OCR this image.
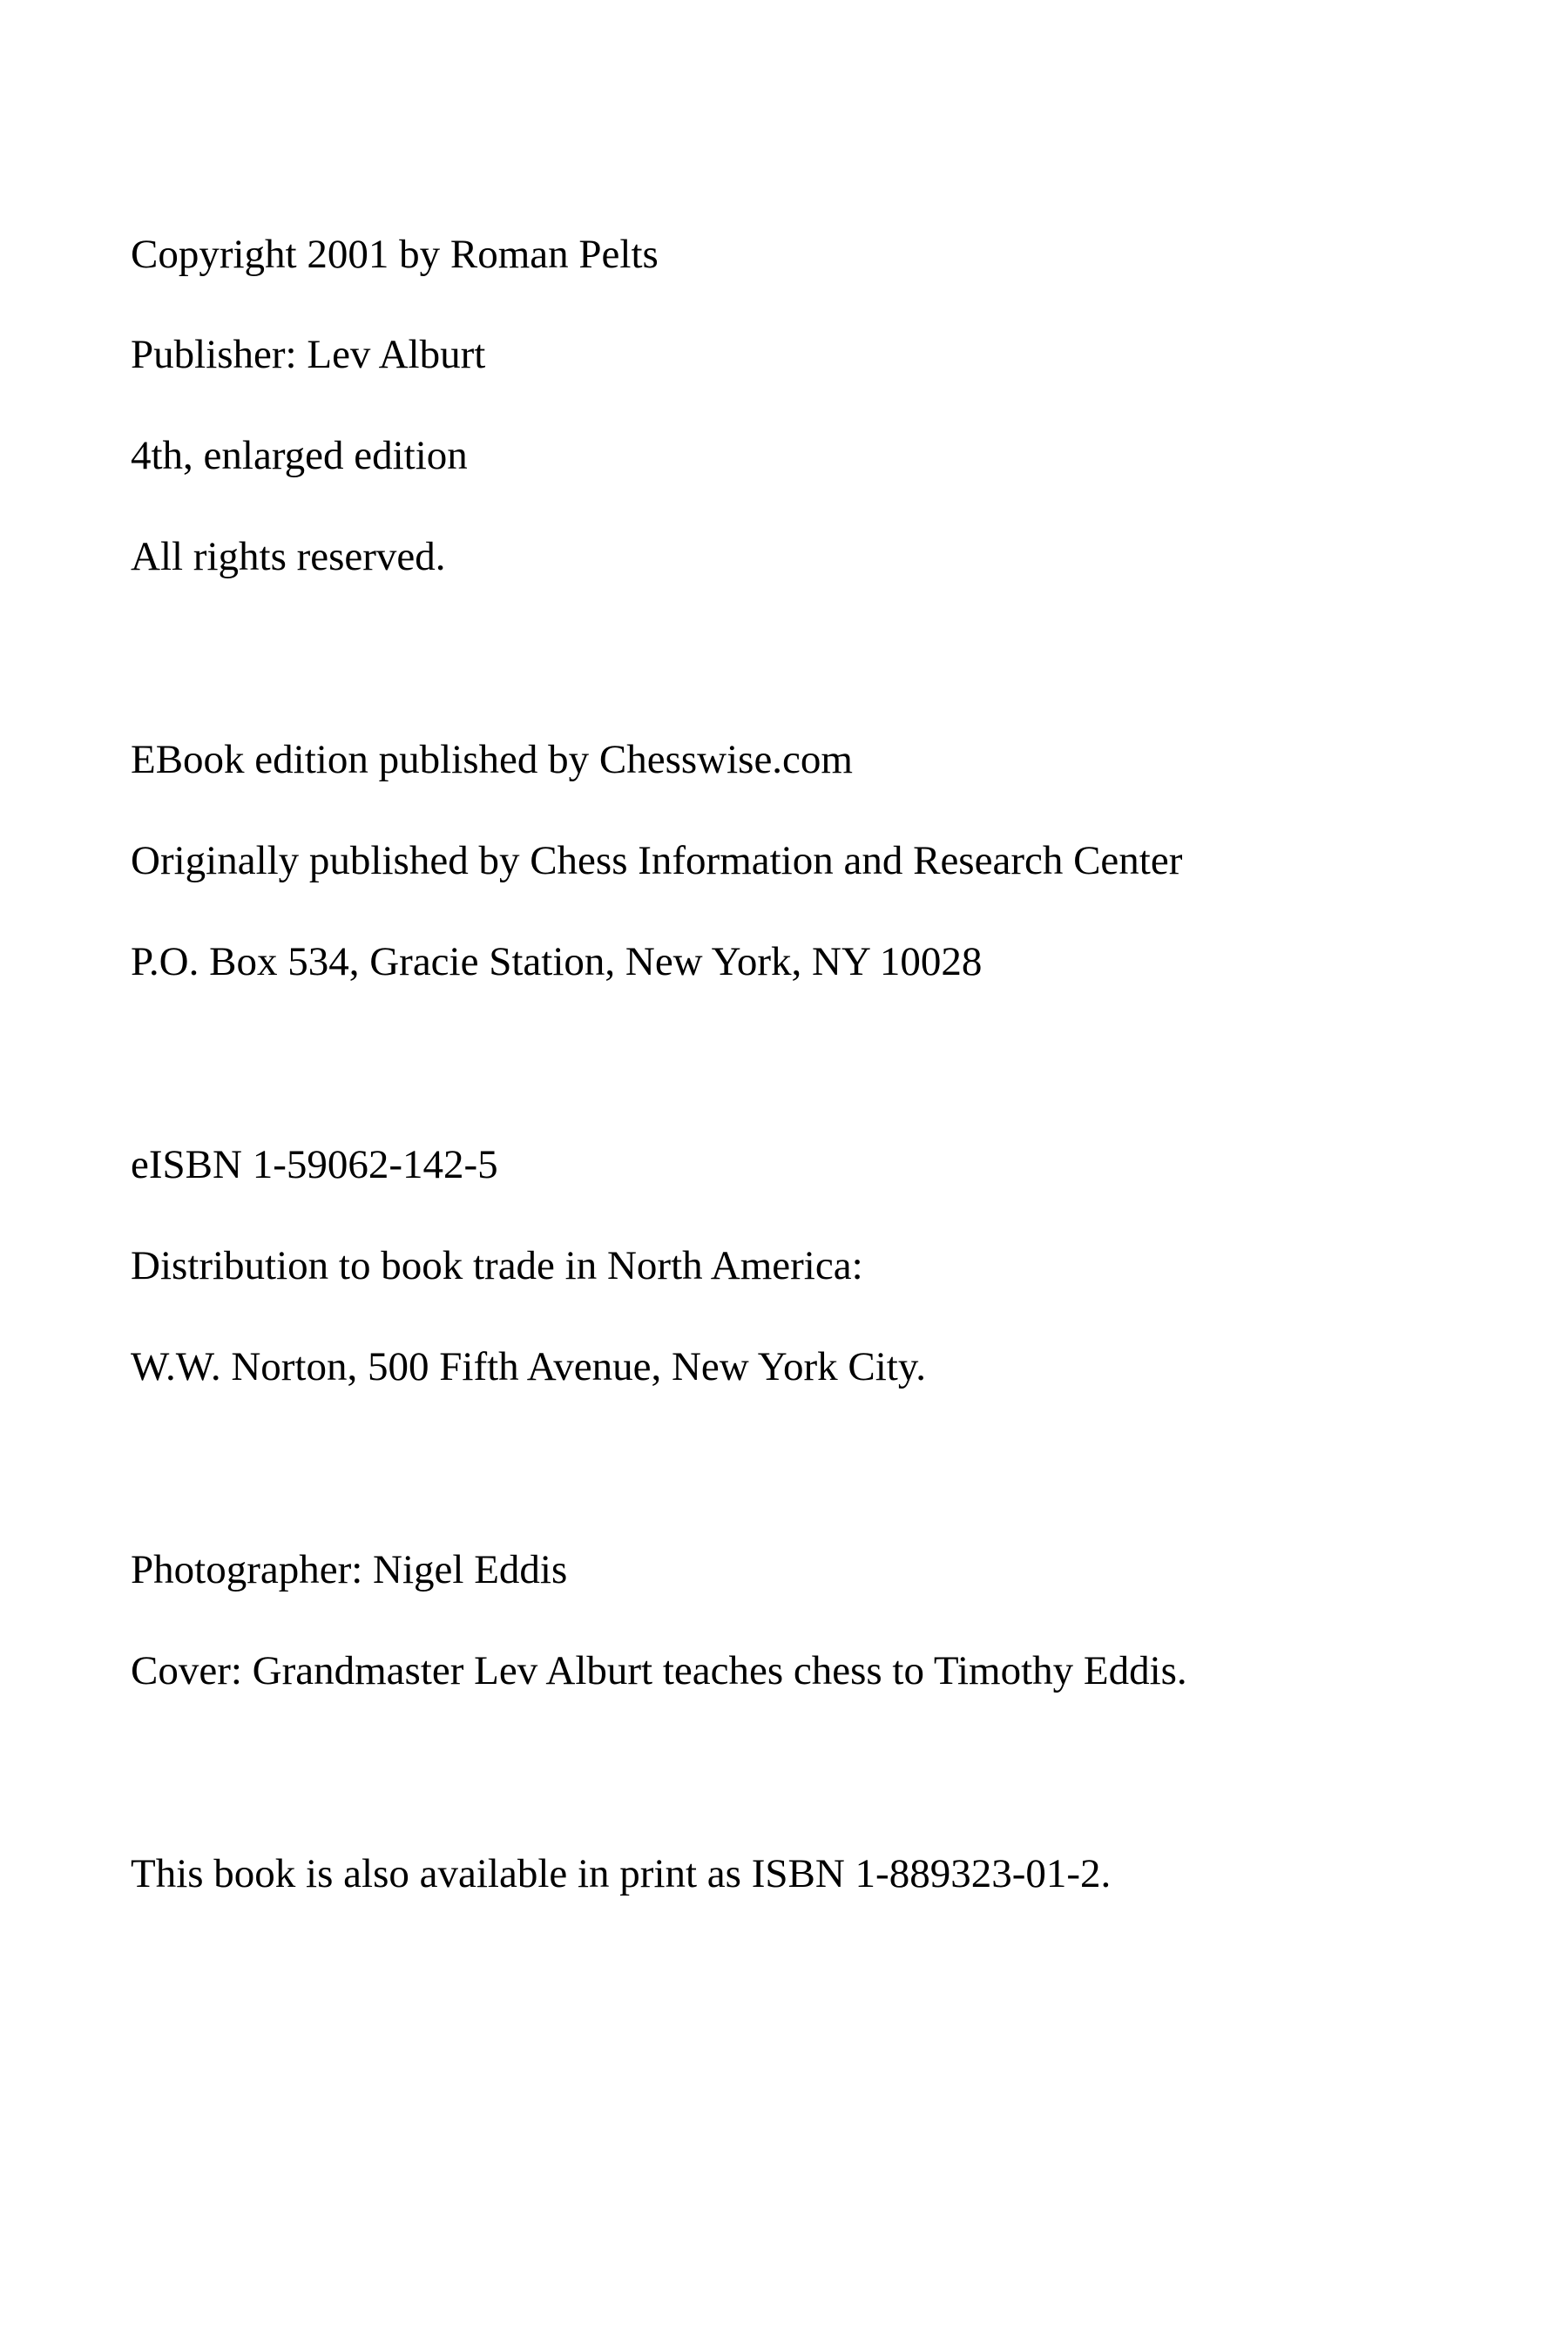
Copyright 2001 by Roman Pelts

Publisher: Lev Alburt

4th, enlarged edition

All rights reserved.

EBook edition published by Chesswise.com

Originally published by Chess Information and Research Center

P.O. Box 534, Gracie Station, New York, NY 10028

eISBN 1-59062-142-5

Distribution to book trade in North America:

W.W. Norton, 500 Fifth Avenue, New York City.

Photographer: Nigel Eddis

Cover: Grandmaster Lev Alburt teaches chess to Timothy Eddis.

This book is also available in print as ISBN 1-889323-01-2.
